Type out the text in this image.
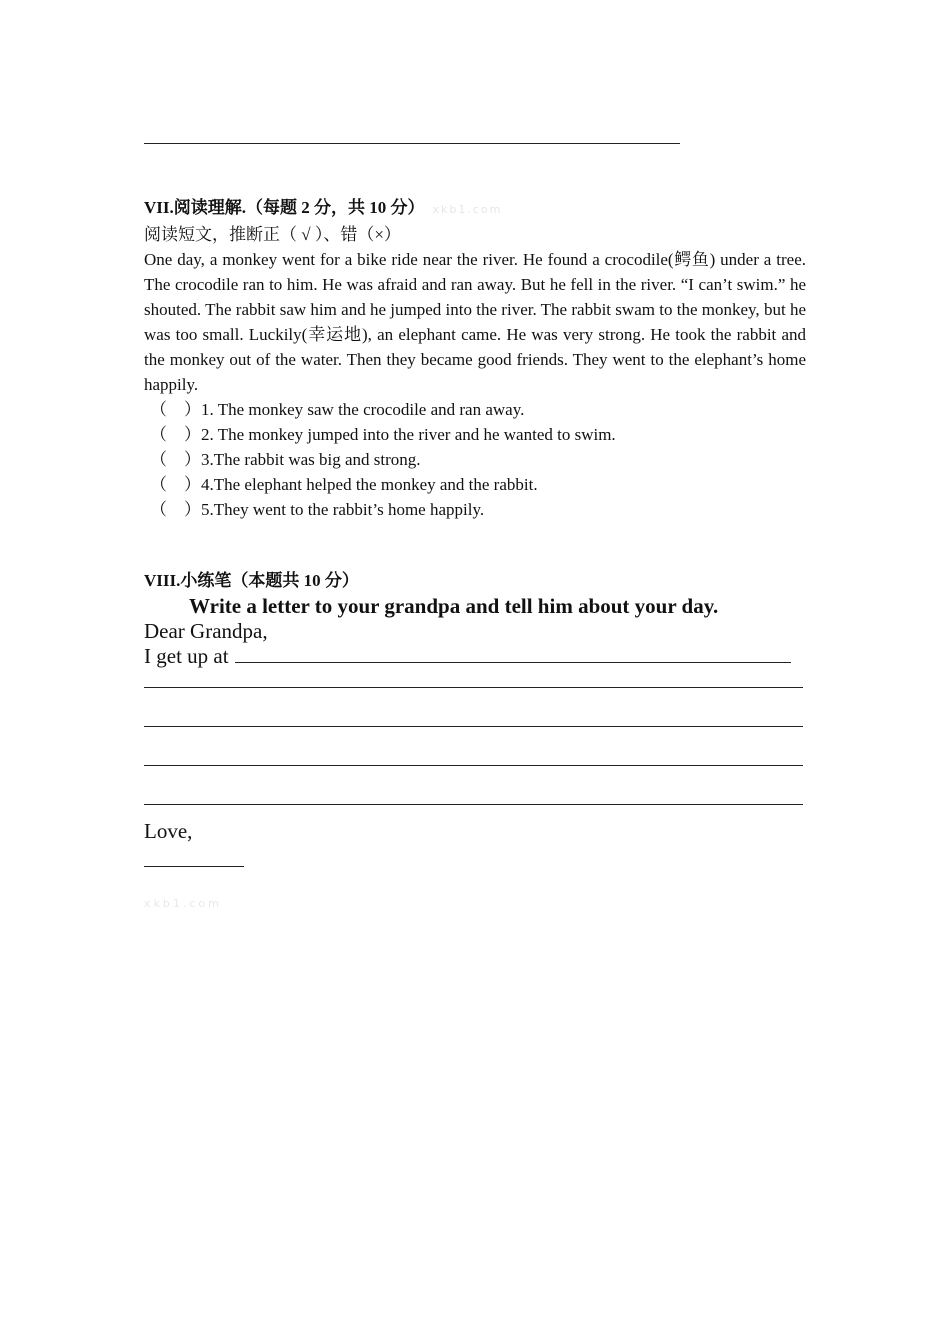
VII.阅读理解.（每题 2 分，共 10 分） xkb1.com
阅读短文，推断正（ √ ）、错（×）
One day, a monkey went for a bike ride near the river. He found a crocodile(鳄鱼) under a tree. The crocodile ran to him. He was afraid and ran away. But he fell in the river. “I can’t swim.” he shouted. The rabbit saw him and he jumped into the river. The rabbit swam to the monkey, but he was too small. Luckily(幸运地), an elephant came. He was very strong. He took the rabbit and the monkey out of the water. Then they became good friends. They went to the elephant’s home happily.
（　）1. The monkey saw the crocodile and ran away.
（　）2. The monkey jumped into the river and he wanted to swim.
（　）3.The rabbit was big and strong.
（　）4.The elephant helped the monkey and the rabbit.
（　）5.They went to the rabbit’s home happily.
VIII.小练笔（本题共 10 分）
Write a letter to your grandpa and tell him about your day.
Dear Grandpa,
I get up at
Love,
xkb1.com
